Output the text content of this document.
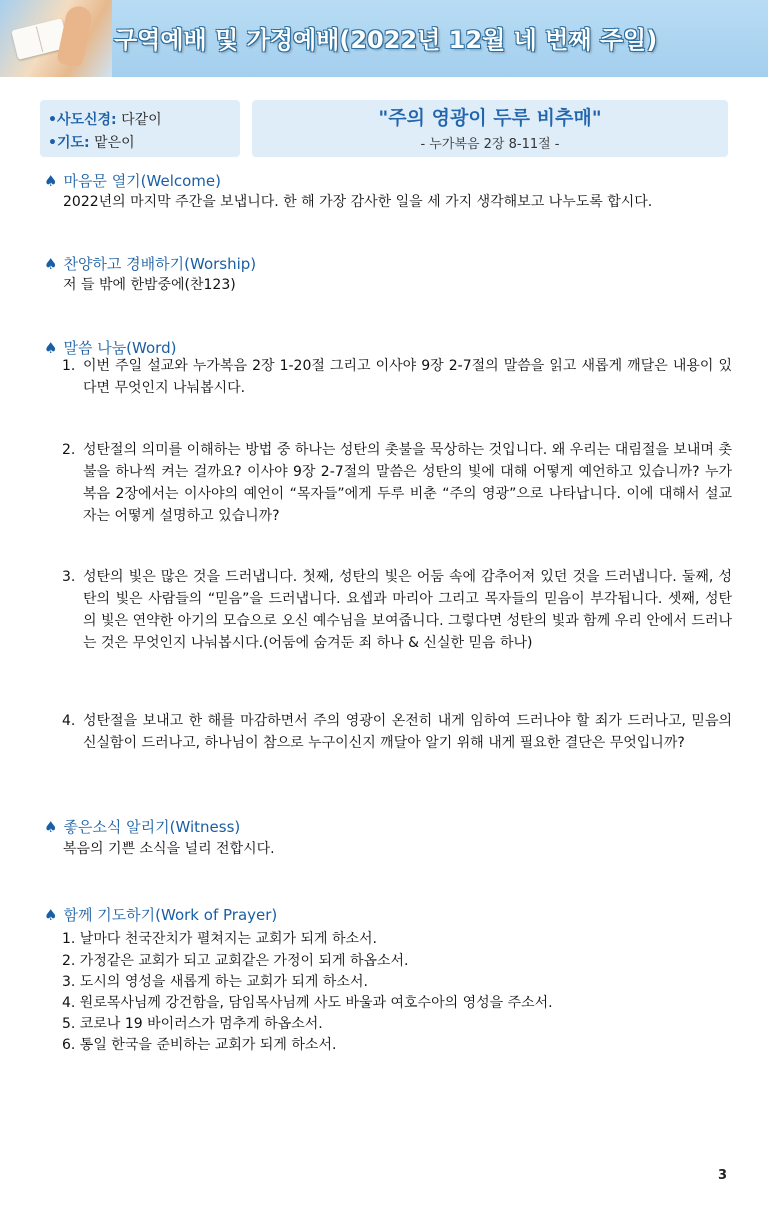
구역예배 및 가정예배(2022년 12월 네 번째 주일)
•사도신경: 다같이
•기도: 맡은이
"주의 영광이 두루 비추매"
- 누가복음 2장 8-11절 -
♠ 마음문 열기(Welcome)
2022년의 마지막 주간을 보냅니다. 한 해 가장 감사한 일을 세 가지 생각해보고 나누도록 합시다.
♠ 찬양하고 경배하기(Worship)
저 들 밖에 한밤중에(찬123)
♠ 말씀 나눔(Word)
1. 이번 주일 설교와 누가복음 2장 1-20절 그리고 이사야 9장 2-7절의 말씀을 읽고 새롭게 깨달은 내용이 있다면 무엇인지 나눠봅시다.
2. 성탄절의 의미를 이해하는 방법 중 하나는 성탄의 촛불을 묵상하는 것입니다. 왜 우리는 대림절을 보내며 촛불을 하나씩 켜는 걸까요? 이사야 9장 2-7절의 말씀은 성탄의 빛에 대해 어떻게 예언하고 있습니까? 누가복음 2장에서는 이사야의 예언이 “목자들”에게 두루 비춘 “주의 영광”으로 나타납니다. 이에 대해서 설교자는 어떻게 설명하고 있습니까?
3. 성탄의 빛은 많은 것을 드러냅니다. 첫째, 성탄의 빛은 어둠 속에 감추어져 있던 것을 드러냅니다. 둘째, 성탄의 빛은 사람들의 “믿음”을 드러냅니다. 요셉과 마리아 그리고 목자들의 믿음이 부각됩니다. 셋째, 성탄의 빛은 연약한 아기의 모습으로 오신 예수님을 보여줍니다. 그렇다면 성탄의 빛과 함께 우리 안에서 드러나는 것은 무엇인지 나눠봅시다.(어둠에 숨겨둔 죄 하나 & 신실한 믿음 하나)
4. 성탄절을 보내고 한 해를 마감하면서 주의 영광이 온전히 내게 임하여 드러나야 할 죄가 드러나고, 믿음의 신실함이 드러나고, 하나님이 참으로 누구이신지 깨달아 알기 위해 내게 필요한 결단은 무엇입니까?
♠ 좋은소식 알리기(Witness)
복음의 기쁜 소식을 널리 전합시다.
♠ 함께 기도하기(Work of Prayer)
1. 날마다 천국잔치가 펼쳐지는 교회가 되게 하소서.
2. 가정같은 교회가 되고 교회같은 가정이 되게 하옵소서.
3. 도시의 영성을 새롭게 하는 교회가 되게 하소서.
4. 원로목사님께 강건함을, 담임목사님께 사도 바울과 여호수아의 영성을 주소서.
5. 코로나 19 바이러스가 멈추게 하옵소서.
6. 통일 한국을 준비하는 교회가 되게 하소서.
3
